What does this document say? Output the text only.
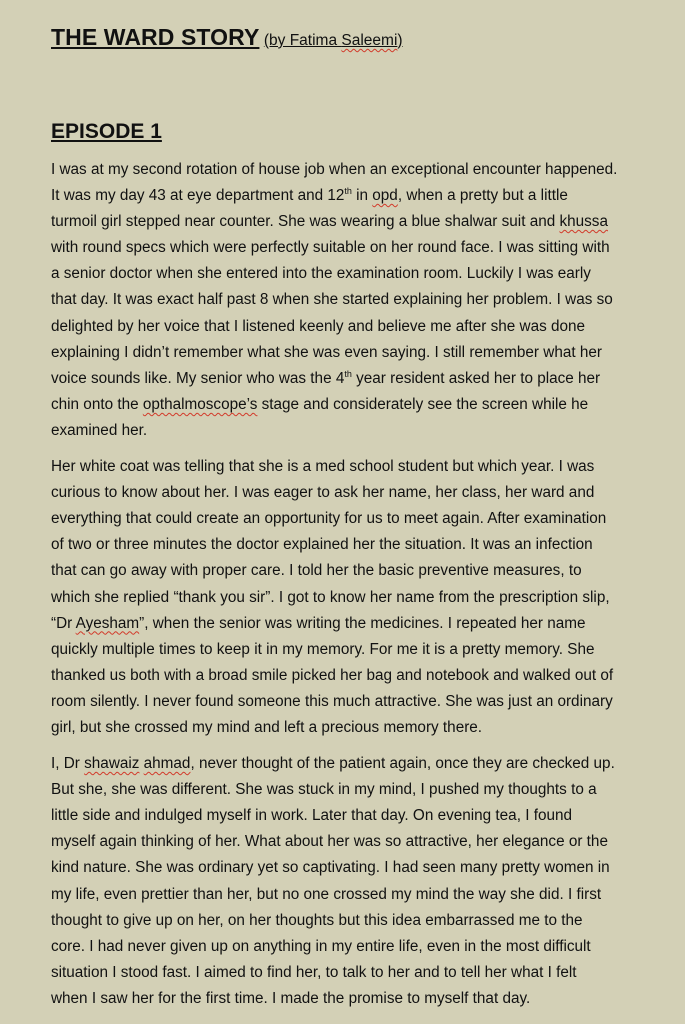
THE WARD STORY (by Fatima Saleemi)

EPISODE 1

I was at my second rotation of house job when an exceptional encounter happened.
It was my day 43 at eye department and 12th in opd, when a pretty but a little
turmoil girl stepped near counter. She was wearing a blue shalwar suit and khussa
with round specs which were perfectly suitable on her round face. I was sitting with
a senior doctor when she entered into the examination room. Luckily I was early
that day. It was exact half past 8 when she started explaining her problem. I was so
delighted by her voice that I listened keenly and believe me after she was done
explaining I didn’t remember what she was even saying. I still remember what her
voice sounds like. My senior who was the 4th year resident asked her to place her
chin onto the opthalmoscope’s stage and considerately see the screen while he
examined her.

Her white coat was telling that she is a med school student but which year. I was
curious to know about her. I was eager to ask her name, her class, her ward and
everything that could create an opportunity for us to meet again. After examination
of two or three minutes the doctor explained her the situation. It was an infection
that can go away with proper care. I told her the basic preventive measures, to
which she replied “thank you sir”. I got to know her name from the prescription slip,
“Dr Ayesham”, when the senior was writing the medicines. I repeated her name
quickly multiple times to keep it in my memory. For me it is a pretty memory. She
thanked us both with a broad smile picked her bag and notebook and walked out of
room silently. I never found someone this much attractive. She was just an ordinary
girl, but she crossed my mind and left a precious memory there.

I, Dr shawaiz ahmad, never thought of the patient again, once they are checked up.
But she, she was different. She was stuck in my mind, I pushed my thoughts to a
little side and indulged myself in work. Later that day. On evening tea, I found
myself again thinking of her. What about her was so attractive, her elegance or the
kind nature. She was ordinary yet so captivating. I had seen many pretty women in
my life, even prettier than her, but no one crossed my mind the way she did. I first
thought to give up on her, on her thoughts but this idea embarrassed me to the
core. I had never given up on anything in my entire life, even in the most difficult
situation I stood fast. I aimed to find her, to talk to her and to tell her what I felt
when I saw her for the first time. I made the promise to myself that day.
